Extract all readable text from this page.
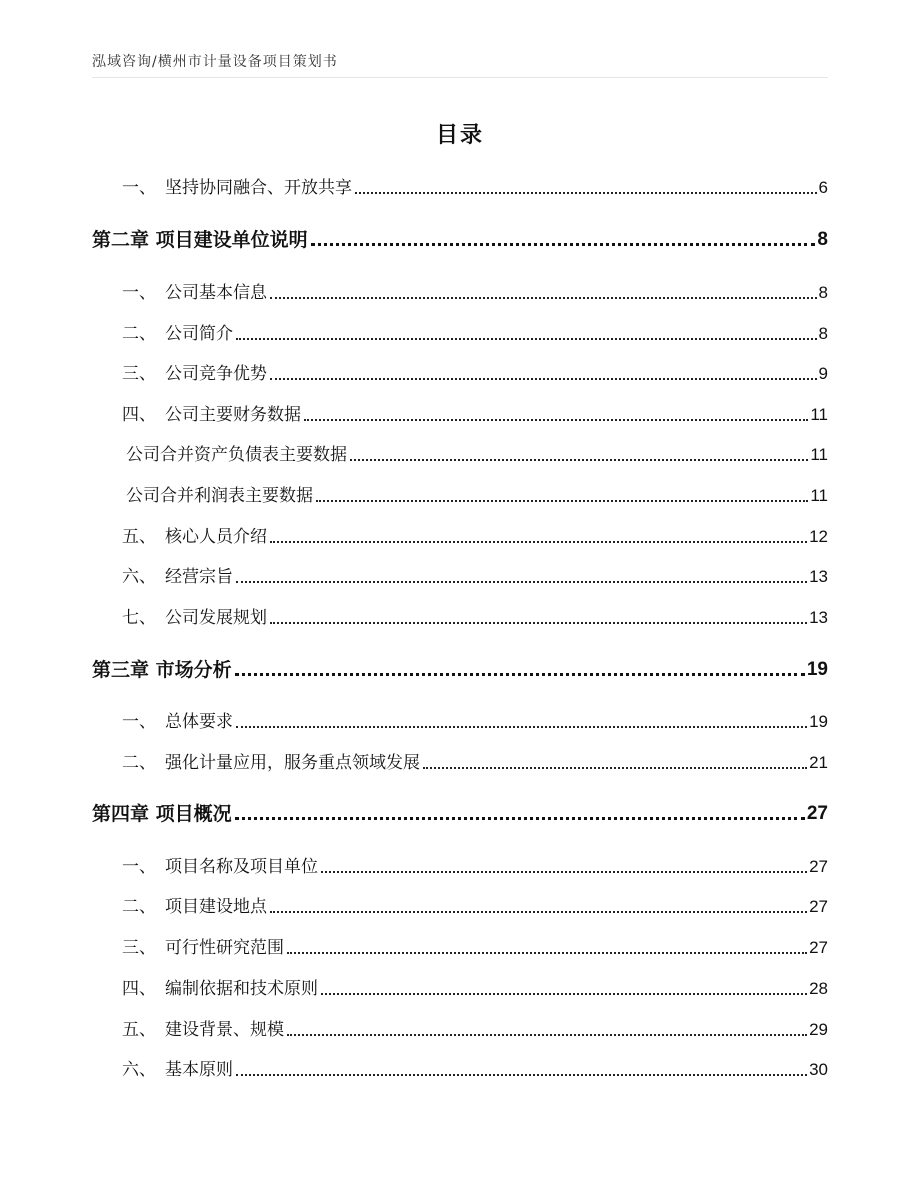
泓域咨询/横州市计量设备项目策划书
目录
一、 坚持协同融合、开放共享	6
第二章 项目建设单位说明	8
一、 公司基本信息	8
二、 公司简介	8
三、 公司竞争优势	9
四、 公司主要财务数据	11
公司合并资产负债表主要数据	11
公司合并利润表主要数据	11
五、 核心人员介绍	12
六、 经营宗旨	13
七、 公司发展规划	13
第三章 市场分析	19
一、 总体要求	19
二、 强化计量应用，服务重点领域发展	21
第四章 项目概况	27
一、 项目名称及项目单位	27
二、 项目建设地点	27
三、 可行性研究范围	27
四、 编制依据和技术原则	28
五、 建设背景、规模	29
六、 基本原则	30
